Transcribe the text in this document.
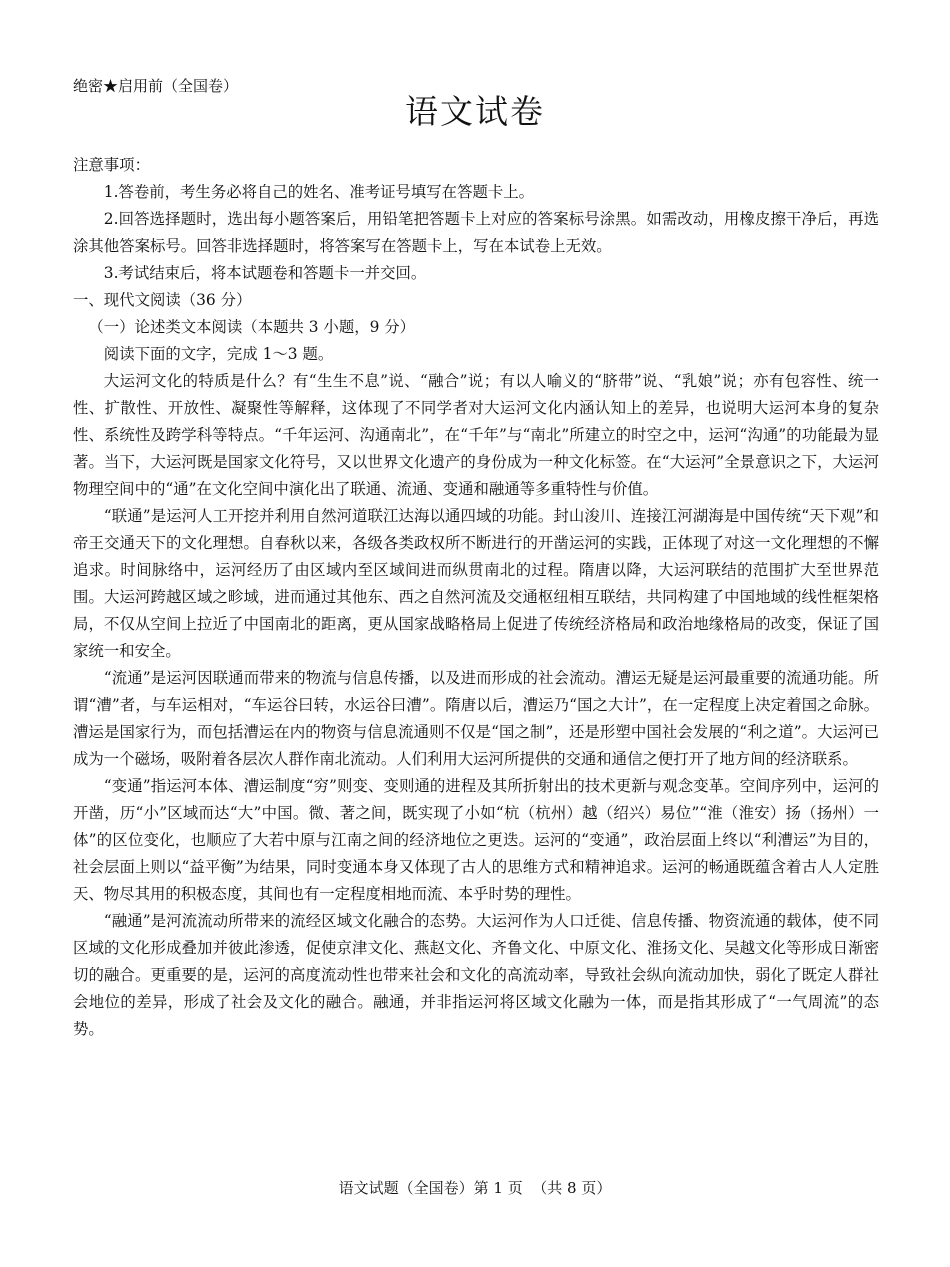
绝密★启用前（全国卷）
语文试卷

注意事项：

1.答卷前，考生务必将自己的姓名、准考证号填写在答题卡上。

2.回答选择题时，选出每小题答案后，用铅笔把答题卡上对应的答案标号涂黑。如需改动，用橡皮擦干净后，再选涂其他答案标号。回答非选择题时，将答案写在答题卡上，写在本试卷上无效。

3.考试结束后，将本试题卷和答题卡一并交回。

一、现代文阅读（36 分）

（一）论述类文本阅读（本题共 3 小题，9 分）

阅读下面的文字，完成 1～3 题。

大运河文化的特质是什么？有“生生不息”说、“融合”说；有以人喻义的“脐带”说、“乳娘”说；亦有包容性、统一性、扩散性、开放性、凝聚性等解释，这体现了不同学者对大运河文化内涵认知上的差异，也说明大运河本身的复杂性、系统性及跨学科等特点。“千年运河、沟通南北”，在“千年”与“南北”所建立的时空之中，运河“沟通”的功能最为显著。当下，大运河既是国家文化符号，又以世界文化遗产的身份成为一种文化标签。在“大运河”全景意识之下，大运河物理空间中的“通”在文化空间中演化出了联通、流通、变通和融通等多重特性与价值。

“联通”是运河人工开挖并利用自然河道联江达海以通四域的功能。封山浚川、连接江河湖海是中国传统“天下观”和帝王交通天下的文化理想。自春秋以来，各级各类政权所不断进行的开凿运河的实践，正体现了对这一文化理想的不懈追求。时间脉络中，运河经历了由区域内至区域间进而纵贯南北的过程。隋唐以降，大运河联结的范围扩大至世界范围。大运河跨越区域之畛域，进而通过其他东、西之自然河流及交通枢纽相互联结，共同构建了中国地域的线性框架格局，不仅从空间上拉近了中国南北的距离，更从国家战略格局上促进了传统经济格局和政治地缘格局的改变，保证了国家统一和安全。

“流通”是运河因联通而带来的物流与信息传播，以及进而形成的社会流动。漕运无疑是运河最重要的流通功能。所谓“漕”者，与车运相对，“车运谷曰转，水运谷曰漕”。隋唐以后，漕运乃“国之大计”，在一定程度上决定着国之命脉。漕运是国家行为，而包括漕运在内的物资与信息流通则不仅是“国之制”，还是形塑中国社会发展的“利之道”。大运河已成为一个磁场，吸附着各层次人群作南北流动。人们利用大运河所提供的交通和通信之便打开了地方间的经济联系。

“变通”指运河本体、漕运制度“穷”则变、变则通的进程及其所折射出的技术更新与观念变革。空间序列中，运河的开凿，历“小”区域而达“大”中国。微、著之间，既实现了小如“杭（杭州）越（绍兴）易位”“淮（淮安）扬（扬州）一体”的区位变化，也顺应了大若中原与江南之间的经济地位之更迭。运河的“变通”，政治层面上终以“利漕运”为目的，社会层面上则以“益平衡”为结果，同时变通本身又体现了古人的思维方式和精神追求。运河的畅通既蕴含着古人人定胜天、物尽其用的积极态度，其间也有一定程度相地而流、本乎时势的理性。

“融通”是河流流动所带来的流经区域文化融合的态势。大运河作为人口迁徙、信息传播、物资流通的载体，使不同区域的文化形成叠加并彼此渗透，促使京津文化、燕赵文化、齐鲁文化、中原文化、淮扬文化、吴越文化等形成日渐密切的融合。更重要的是，运河的高度流动性也带来社会和文化的高流动率，导致社会纵向流动加快，弱化了既定人群社会地位的差异，形成了社会及文化的融合。融通，并非指运河将区域文化融为一体，而是指其形成了“一气周流”的态势。

语文试题（全国卷）第 1 页  （共 8 页）
